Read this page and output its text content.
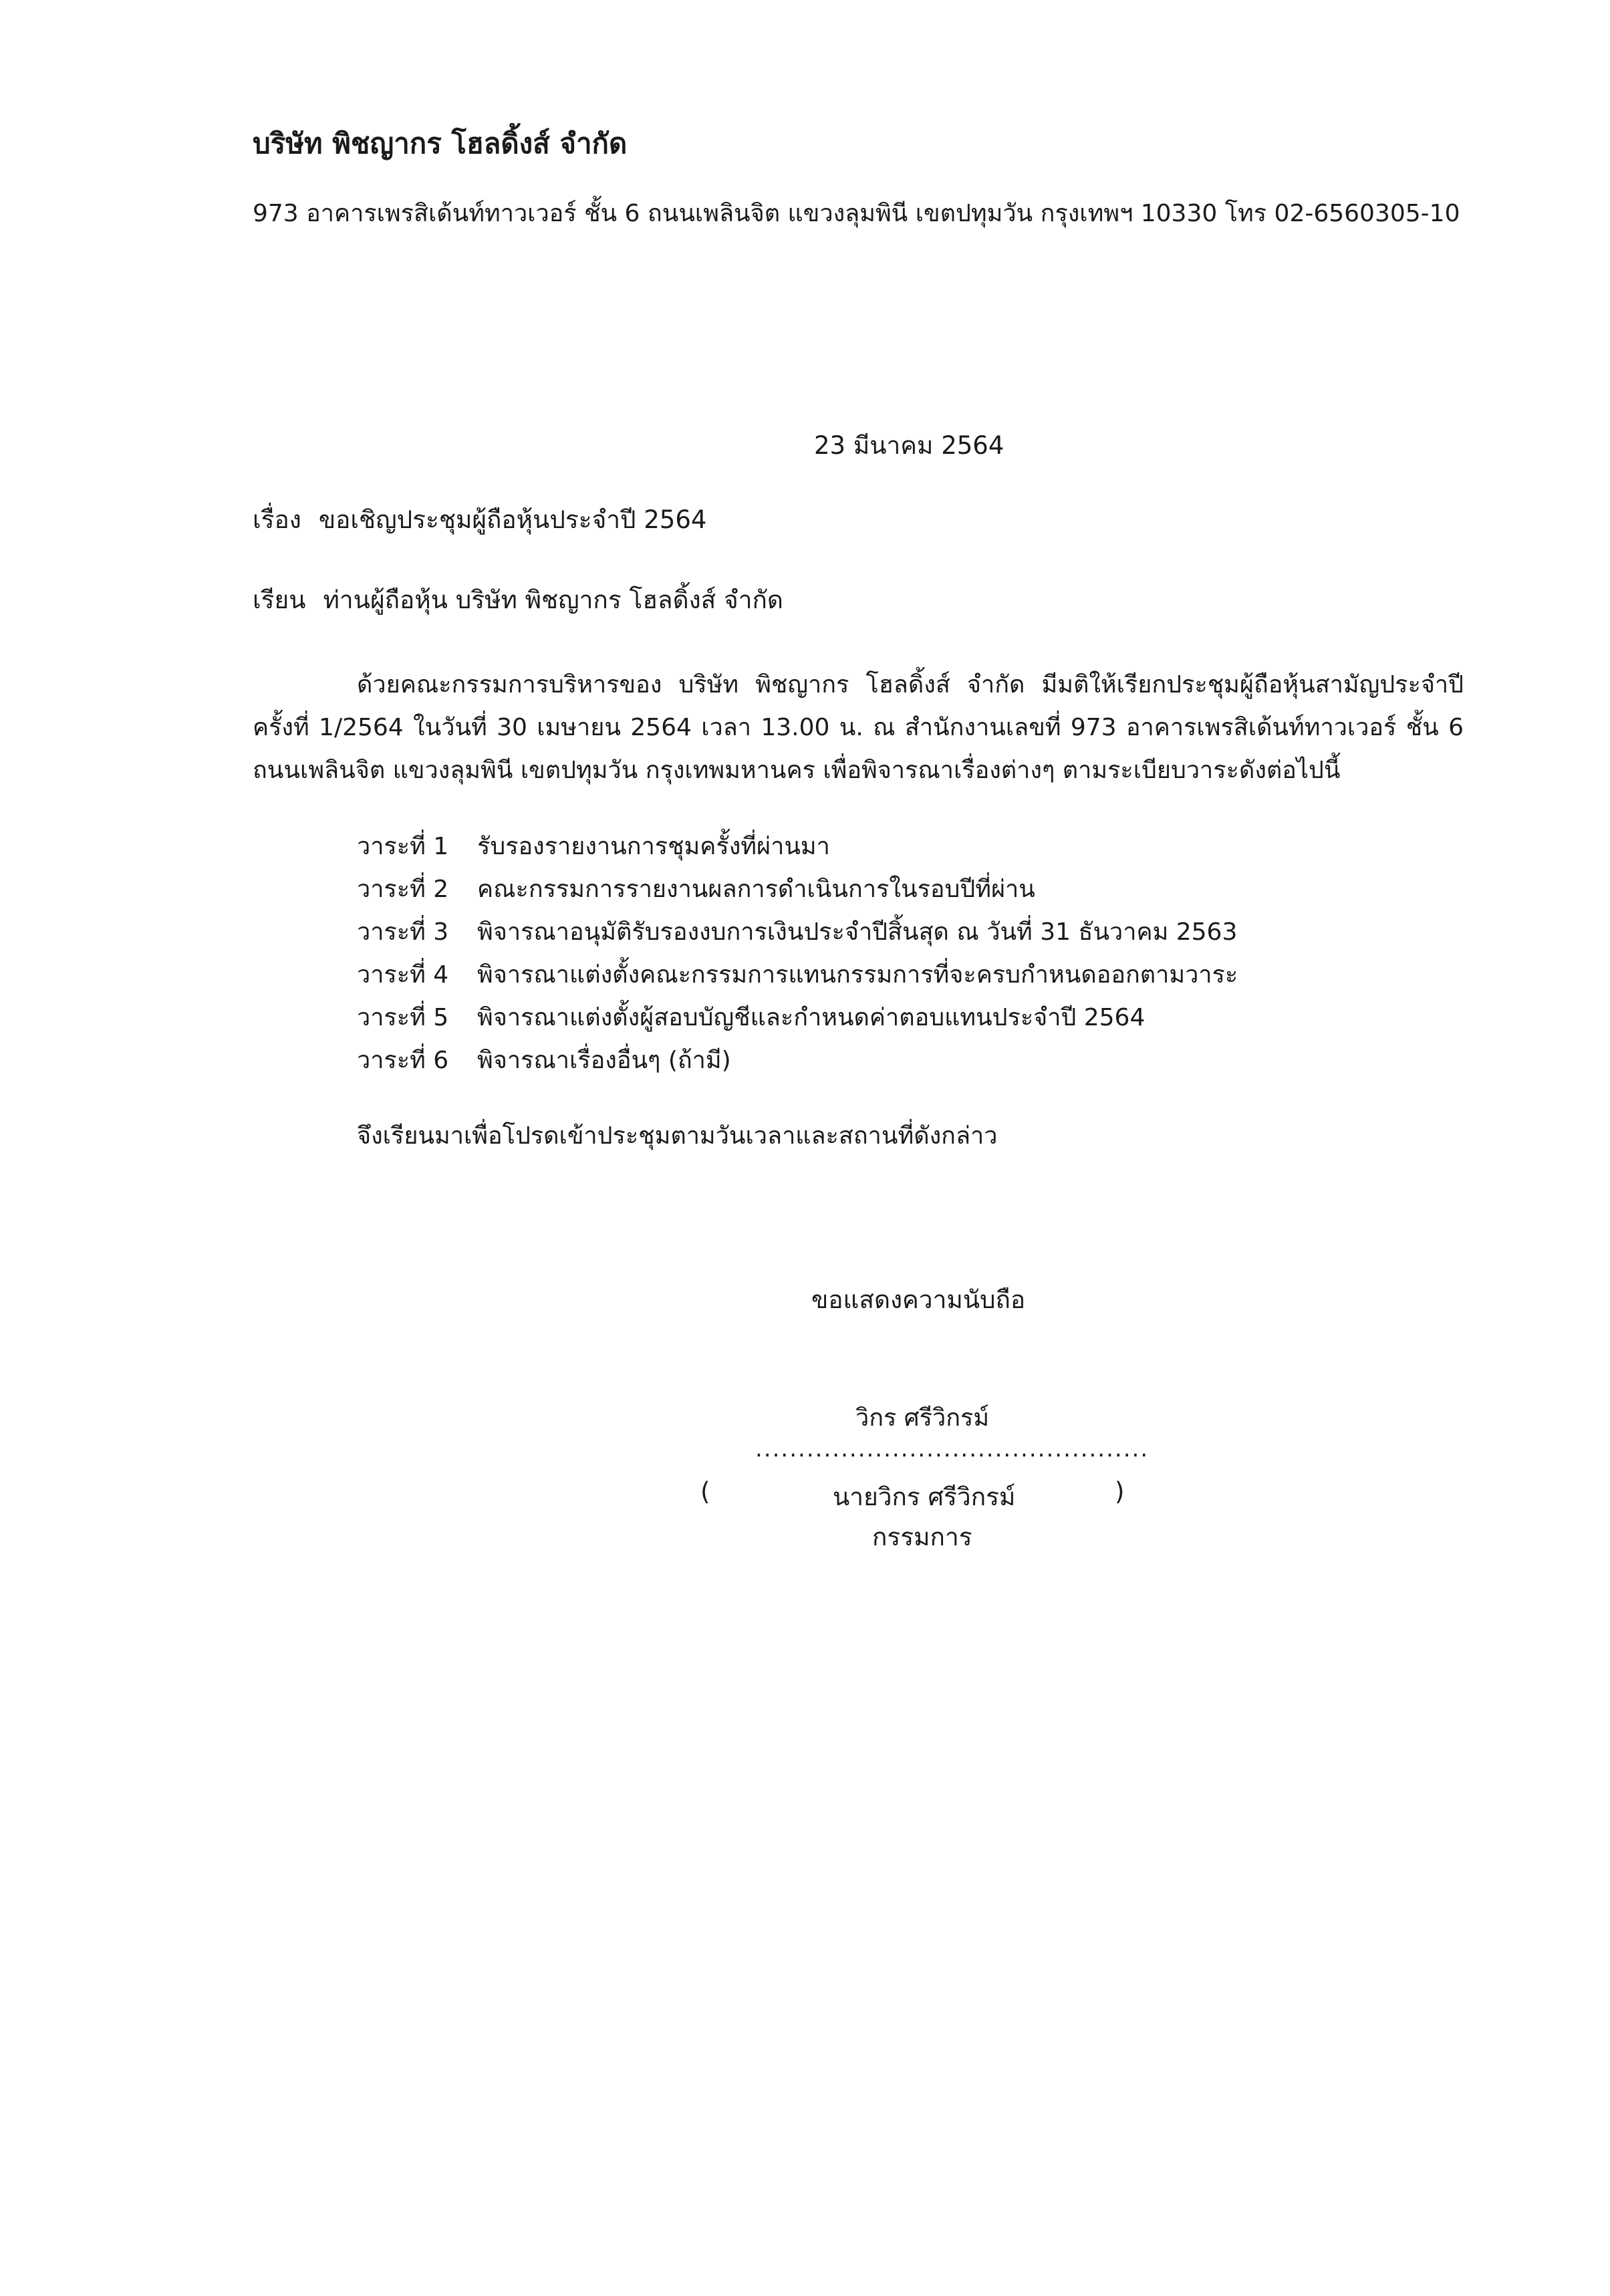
บริษัท พิชญากร โฮลดิ้งส์ จำกัด
973 อาคารเพรสิเด้นท์ทาวเวอร์ ชั้น 6 ถนนเพลินจิต แขวงลุมพินี เขตปทุมวัน กรุงเทพฯ 10330 โทร 02-6560305-10
23 มีนาคม 2564
เรื่อง ขอเชิญประชุมผู้ถือหุ้นประจำปี 2564
เรียน ท่านผู้ถือหุ้น บริษัท พิชญากร โฮลดิ้งส์ จำกัด
ด้วยคณะกรรมการบริหารของ บริษัท พิชญากร โฮลดิ้งส์ จำกัด มีมติให้เรียกประชุมผู้ถือหุ้นสามัญประจำปี ครั้งที่ 1/2564 ในวันที่ 30 เมษายน 2564 เวลา 13.00 น. ณ สำนักงานเลขที่ 973 อาคารเพรสิเด้นท์ทาวเวอร์ ชั้น 6 ถนนเพลินจิต แขวงลุมพินี เขตปทุมวัน กรุงเทพมหานคร เพื่อพิจารณาเรื่องต่างๆ ตามระเบียบวาระดังต่อไปนี้
วาระที่ 1 รับรองรายงานการชุมครั้งที่ผ่านมา
วาระที่ 2 คณะกรรมการรายงานผลการดำเนินการในรอบปีที่ผ่าน
วาระที่ 3 พิจารณาอนุมัติรับรองงบการเงินประจำปีสิ้นสุด ณ วันที่ 31 ธันวาคม 2563
วาระที่ 4 พิจารณาแต่งตั้งคณะกรรมการแทนกรรมการที่จะครบกำหนดออกตามวาระ
วาระที่ 5 พิจารณาแต่งตั้งผู้สอบบัญชีและกำหนดค่าตอบแทนประจำปี 2564
วาระที่ 6 พิจารณาเรื่องอื่นๆ (ถ้ามี)
จึงเรียนมาเพื่อโปรดเข้าประชุมตามวันเวลาและสถานที่ดังกล่าว
ขอแสดงความนับถือ
วิกร ศรีวิกรม์
..............................................
(	นายวิกร ศรีวิกรม์	)
กรรมการ
